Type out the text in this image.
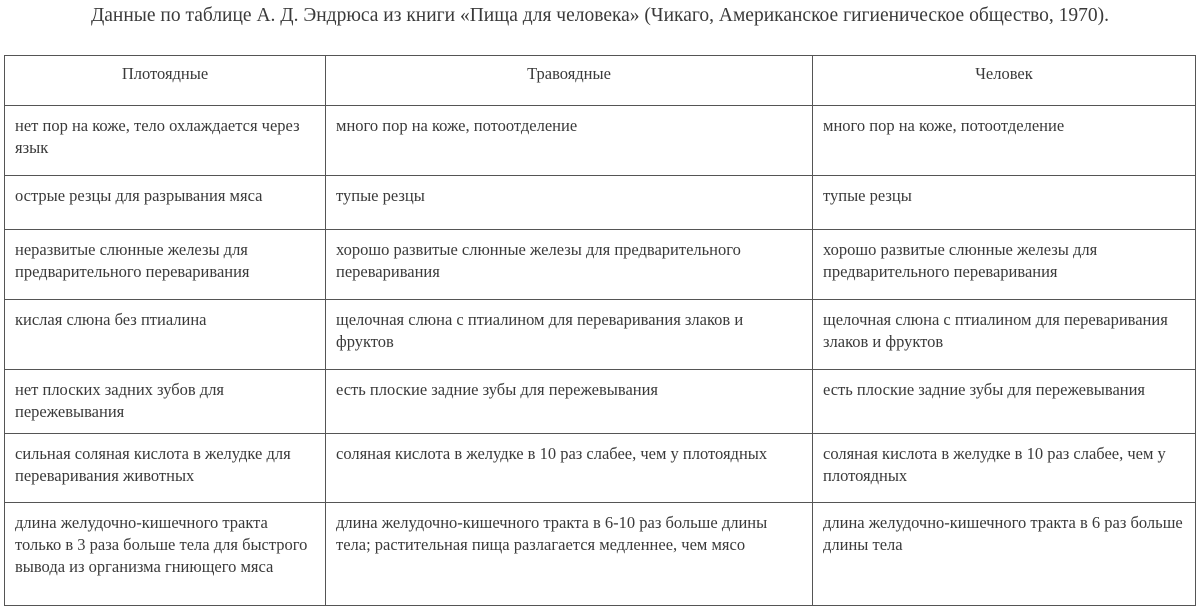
Данные по таблице А. Д. Эндрюса из книги «Пища для человека» (Чикаго, Американское гигиеническое общество, 1970).
Плотоядные	Травоядные	Человек
нет пор на коже, тело охлаждается через язык	много пор на коже, потоотделение	много пор на коже, потоотделение
острые резцы для разрывания мяса	тупые резцы	тупые резцы
неразвитые слюнные железы для предварительного переваривания	хорошо развитые слюнные железы для предварительного переваривания	хорошо развитые слюнные железы для предварительного переваривания
кислая слюна без птиалина	щелочная слюна с птиалином для переваривания злаков и фруктов	щелочная слюна с птиалином для переваривания злаков и фруктов
нет плоских задних зубов для пережевывания	есть плоские задние зубы для пережевывания	есть плоские задние зубы для пережевывания
сильная соляная кислота в желудке для переваривания животных	соляная кислота в желудке в 10 раз слабее, чем у плотоядных	соляная кислота в желудке в 10 раз слабее, чем у плотоядных
длина желудочно-кишечного тракта только в 3 раза больше тела для быстрого вывода из организма гниющего мяса	длина желудочно-кишечного тракта в 6-10 раз больше длины тела; растительная пища разлагается медленнее, чем мясо	длина желудочно-кишечного тракта в 6 раз больше длины тела
